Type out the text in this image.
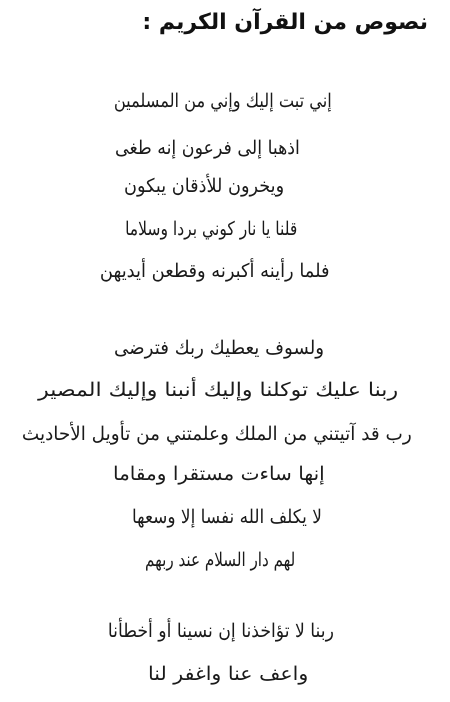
نصوص من القرآن الكريم :
إني تبت إليك وإني من المسلمين
اذهبا إلى فرعون إنه طغى
ويخرون للأذقان يبكون
قلنا يا نار كوني بردا وسلاما
فلما رأينه أكبرنه وقطعن أيديهن
ولسوف يعطيك ربك فترضى
ربنا عليك توكلنا وإليك أنبنا وإليك المصير
رب قد آتيتني من الملك وعلمتني من تأويل الأحاديث
إنها ساءت مستقرا ومقاما
لا يكلف الله نفسا إلا وسعها
لهم دار السلام عند ربهم
ربنا لا تؤاخذنا إن نسينا أو أخطأنا
واعف عنا واغفر لنا
